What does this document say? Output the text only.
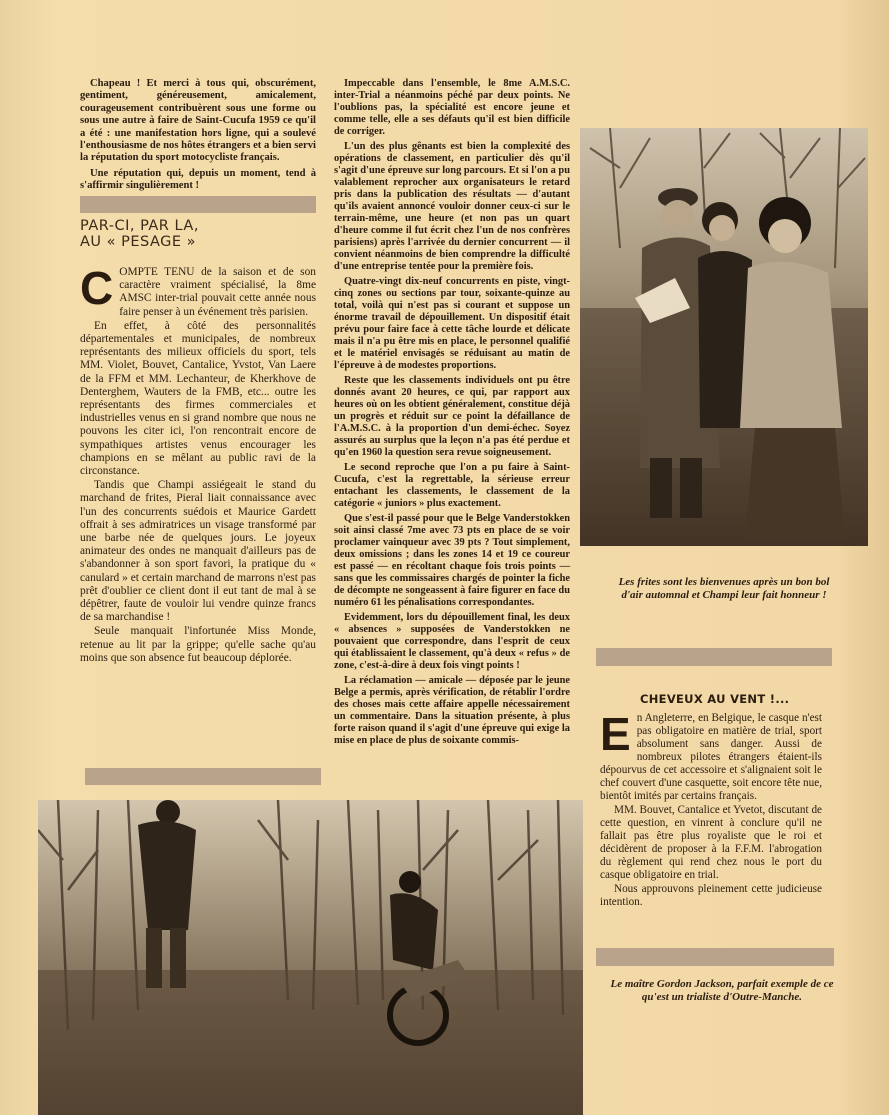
Chapeau ! Et merci à tous qui, obscurément, gentiment, généreusement, amicalement, courageusement contribuèrent sous une forme ou sous une autre à faire de Saint-Cucufa 1959 ce qu'il a été : une manifestation hors ligne, qui a soulevé l'enthousiasme de nos hôtes étrangers et a bien servi la réputation du sport motocycliste français.

Une réputation qui, depuis un moment, tend à s'affirmir singulièrement !

PAR-CI, PAR LA,
AU « PESAGE »

COMPTE TENU de la saison et de son caractère vraiment spécialisé, la 8me AMSC inter-trial pouvait cette année nous faire penser à un événement très parisien.

En effet, à côté des personnalités départementales et municipales, de nombreux représentants des milieux officiels du sport, tels MM. Violet, Bouvet, Cantalice, Yvstot, Van Laere de la FFM et MM. Lechanteur, de Kherkhove de Denterghem, Wauters de la FMB, etc... outre les représentants des firmes commerciales et industrielles venus en si grand nombre que nous ne pouvons les citer ici, l'on rencontrait encore de sympathiques artistes venus encourager les champions en se mêlant au public ravi de la circonstance.

Tandis que Champi assiégeait le stand du marchand de frites, Pieral liait connaissance avec l'un des concurrents suédois et Maurice Gardett offrait à ses admiratrices un visage transformé par une barbe née de quelques jours. Le joyeux animateur des ondes ne manquait d'ailleurs pas de s'abandonner à son sport favori, la pratique du « canulard » et certain marchand de marrons n'est pas prêt d'oublier ce client dont il eut tant de mal à se dépêtrer, faute de vouloir lui vendre quinze francs de sa marchandise !

Seule manquait l'infortunée Miss Monde, retenue au lit par la grippe; qu'elle sache qu'au moins que son absence fut beaucoup déplorée.

Impeccable dans l'ensemble, le 8me A.M.S.C. inter-Trial a néanmoins péché par deux points. Ne l'oublions pas, la spécialité est encore jeune et comme telle, elle a ses défauts qu'il est bien difficile de corriger.

L'un des plus gênants est bien la complexité des opérations de classement, en particulier dès qu'il s'agit d'une épreuve sur long parcours. Et si l'on a pu valablement reprocher aux organisateurs le retard pris dans la publication des résultats — d'autant qu'ils avaient annoncé vouloir donner ceux-ci sur le terrain-même, une heure (et non pas un quart d'heure comme il fut écrit chez l'un de nos confrères parisiens) après l'arrivée du dernier concurrent — il convient néanmoins de bien comprendre la difficulté d'une entreprise tentée pour la première fois.

Quatre-vingt dix-neuf concurrents en piste, vingt-cinq zones ou sections par tour, soixante-quinze au total, voilà qui n'est pas si courant et suppose un énorme travail de dépouillement. Un dispositif était prévu pour faire face à cette tâche lourde et délicate mais il n'a pu être mis en place, le personnel qualifié et le matériel envisagés se réduisant au matin de l'épreuve à de modestes proportions.

Reste que les classements individuels ont pu être donnés avant 20 heures, ce qui, par rapport aux heures où on les obtient généralement, constitue déjà un progrès et réduit sur ce point la défaillance de l'A.M.S.C. à la proportion d'un demi-échec. Soyez assurés au surplus que la leçon n'a pas été perdue et qu'en 1960 la question sera revue soigneusement.

Le second reproche que l'on a pu faire à Saint-Cucufa, c'est la regrettable, la sérieuse erreur entachant les classements, le classement de la catégorie « juniors » plus exactement.

Que s'est-il passé pour que le Belge Vanderstokken soit ainsi classé 7me avec 73 pts en place de se voir proclamer vainqueur avec 39 pts ? Tout simplement, deux omissions ; dans les zones 14 et 19 ce coureur est passé — en récoltant chaque fois trois points — sans que les commissaires chargés de pointer la fiche de décompte ne songeassent à faire figurer en face du numéro 61 les pénalisations correspondantes.

Evidemment, lors du dépouillement final, les deux « absences » supposées de Vanderstokken ne pouvaient que correspondre, dans l'esprit de ceux qui établissaient le classement, qu'à deux « refus » de zone, c'est-à-dire à deux fois vingt points !

La réclamation — amicale — déposée par le jeune Belge a permis, après vérification, de rétablir l'ordre des choses mais cette affaire appelle nécessairement un commentaire. Dans la situation présente, à plus forte raison quand il s'agit d'une épreuve qui exige la mise en place de plus de soixante commis-

Les frites sont les bienvenues après un bon bol d'air automnal et Champi leur fait honneur !
CHEVEUX AU VENT !...

En Angleterre, en Belgique, le casque n'est pas obligatoire en matière de trial, sport absolument sans danger. Aussi de nombreux pilotes étrangers étaient-ils dépourvus de cet accessoire et s'alignaient soit le chef couvert d'une casquette, soit encore tête nue, bientôt imités par certains français.

MM. Bouvet, Cantalice et Yvetot, discutant de cette question, en vinrent à conclure qu'il ne fallait pas être plus royaliste que le roi et décidèrent de proposer à la F.F.M. l'abrogation du règlement qui rend chez nous le port du casque obligatoire en trial.

Nous approuvons pleinement cette judicieuse intention.

Le maître Gordon Jackson, parfait exemple de ce qu'est un trialiste d'Outre-Manche.
